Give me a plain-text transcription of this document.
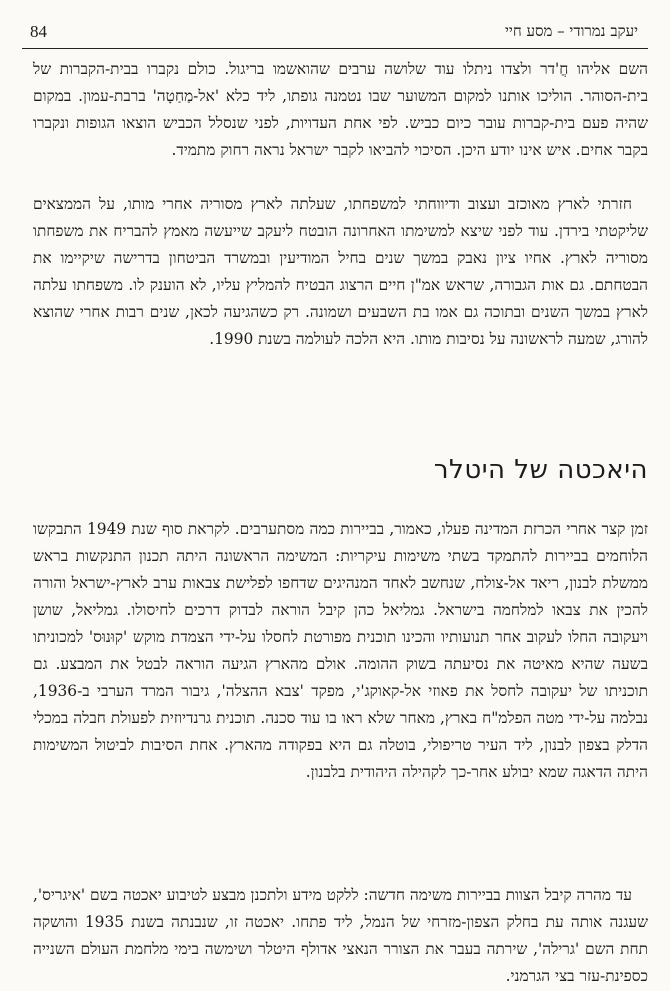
84	יעקב נמרודי – מסע חיי

השם אליהו חֲ'דר ולצדו ניתלו עוד שלושה ערבים שהואשמו בריגול. כולם נקברו בבית-הקברות של בית-הסוהר. הוליכו אותנו למקום המשוער שבו נטמנה גופתו, ליד כלא 'אל-מַחַטָה' ברבת-עמון. במקום שהיה פעם בית-קברות עובר כיום כביש. לפי אחת העדויות, לפני שנסלל הכביש הוצאו הגופות ונקברו בקבר אחים. איש אינו יודע היכן. הסיכוי להביאו לקבר ישראל נראה רחוק מתמיד.

חזרתי לארץ מאוכזב ועצוב ודיווחתי למשפחתו, שעלתה לארץ מסוריה אחרי מותו, על הממצאים שליקטתי בירדן. עוד לפני שיצא למשימתו האחרונה הובטח ליעקב שייעשה מאמץ להבריח את משפחתו מסוריה לארץ. אחיו ציון נאבק במשך שנים בחיל המודיעין ובמשרד הביטחון בדרישה שיקיימו את הבטחתם. גם אות הגבורה, שראש אמ"ן חיים הרצוג הבטיח להמליץ עליו, לא הוענק לו. משפחתו עלתה לארץ במשך השנים ובתוכה גם אמו בת השבעים ושמונה. רק כשהגיעה לכאן, שנים רבות אחרי שהוצא להורג, שמעה לראשונה על נסיבות מותו. היא הלכה לעולמה בשנת 1990.

היאכטה של היטלר

זמן קצר אחרי הכרזת המדינה פעלו, כאמור, בביירות כמה מסתערבים. לקראת סוף שנת 1949 התבקשו הלוחמים בביירות להתמקד בשתי משימות עיקריות: המשימה הראשונה היתה תכנון התנקשות בראש ממשלת לבנון, ריאד אל-צולח, שנחשב לאחד המנהיגים שדחפו לפלישת צבאות ערב לארץ-ישראל והורה להכין את צבאו למלחמה בישראל. גמליאל כהן קיבל הוראה לבדוק דרכים לחיסולו. גמליאל, שושן ויעקובה החלו לעקוב אחר תנועותיו והכינו תוכנית מפורטת לחסלו על-ידי הצמדת מוקש 'קוּנוּס' למכוניתו בשעה שהיא מאיטה את נסיעתה בשוק ההומה. אולם מהארץ הגיעה הוראה לבטל את המבצע. גם תוכניתו של יעקובה לחסל את פאוזי אל-קאוקג'י, מפקד 'צבא ההצלה', גיבור המרד הערבי ב-1936, נבלמה על-ידי מטה הפלמ"ח בארץ, מאחר שלא ראו בו עוד סכנה. תוכנית גרנדיוזית לפעולת חבלה במכלי הדלק בצפון לבנון, ליד העיר טריפולי, בוטלה גם היא בפקודה מהארץ. אחת הסיבות לביטול המשימות היתה הדאגה שמא יבולע אחר-כך לקהילה היהודית בלבנון.

עד מהרה קיבל הצוות בביירות משימה חדשה: ללקט מידע ולתכנן מבצע לטיבוע יאכטה בשם 'איגריס', שעגנה אותה עת בחלק הצפון-מזרחי של הנמל, ליד פתחו. יאכטה זו, שנבנתה בשנת 1935 והושקה תחת השם 'גרילה', שירתה בעבר את הצורר הנאצי אדולף היטלר ושימשה בימי מלחמת העולם השנייה כספינת-עזר בצי הגרמני.
